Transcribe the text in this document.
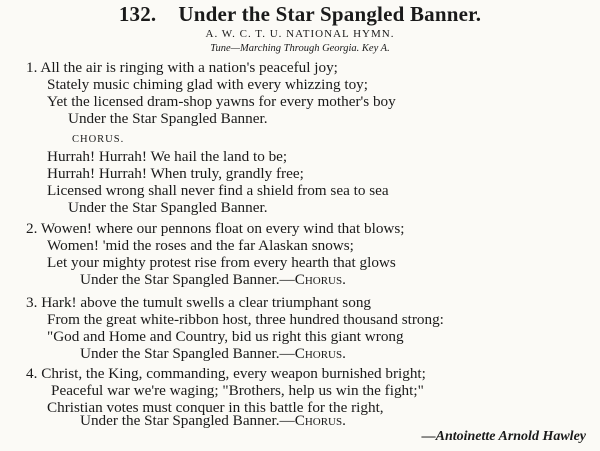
132. Under the Star Spangled Banner.
A. W. C. T. U. NATIONAL HYMN.
Tune—Marching Through Georgia. Key A.
1. All the air is ringing with a nation's peaceful joy;
Stately music chiming glad with every whizzing toy;
Yet the licensed dram-shop yawns for every mother's boy
Under the Star Spangled Banner.
CHORUS.
Hurrah! Hurrah! We hail the land to be;
Hurrah! Hurrah! When truly, grandly free;
Licensed wrong shall never find a shield from sea to sea
Under the Star Spangled Banner.
2. Wowen! where our pennons float on every wind that blows;
Women! 'mid the roses and the far Alaskan snows;
Let your mighty protest rise from every hearth that glows
Under the Star Spangled Banner.—Chorus.
3. Hark! above the tumult swells a clear triumphant song
From the great white-ribbon host, three hundred thousand strong:
"God and Home and Country, bid us right this giant wrong
Under the Star Spangled Banner.—Chorus.
4. Christ, the King, commanding, every weapon burnished bright;
Peaceful war we're waging; "Brothers, help us win the fight;"
Christian votes must conquer in this battle for the right,
Under the Star Spangled Banner.—Chorus.
—Antoinette Arnold Hawley
